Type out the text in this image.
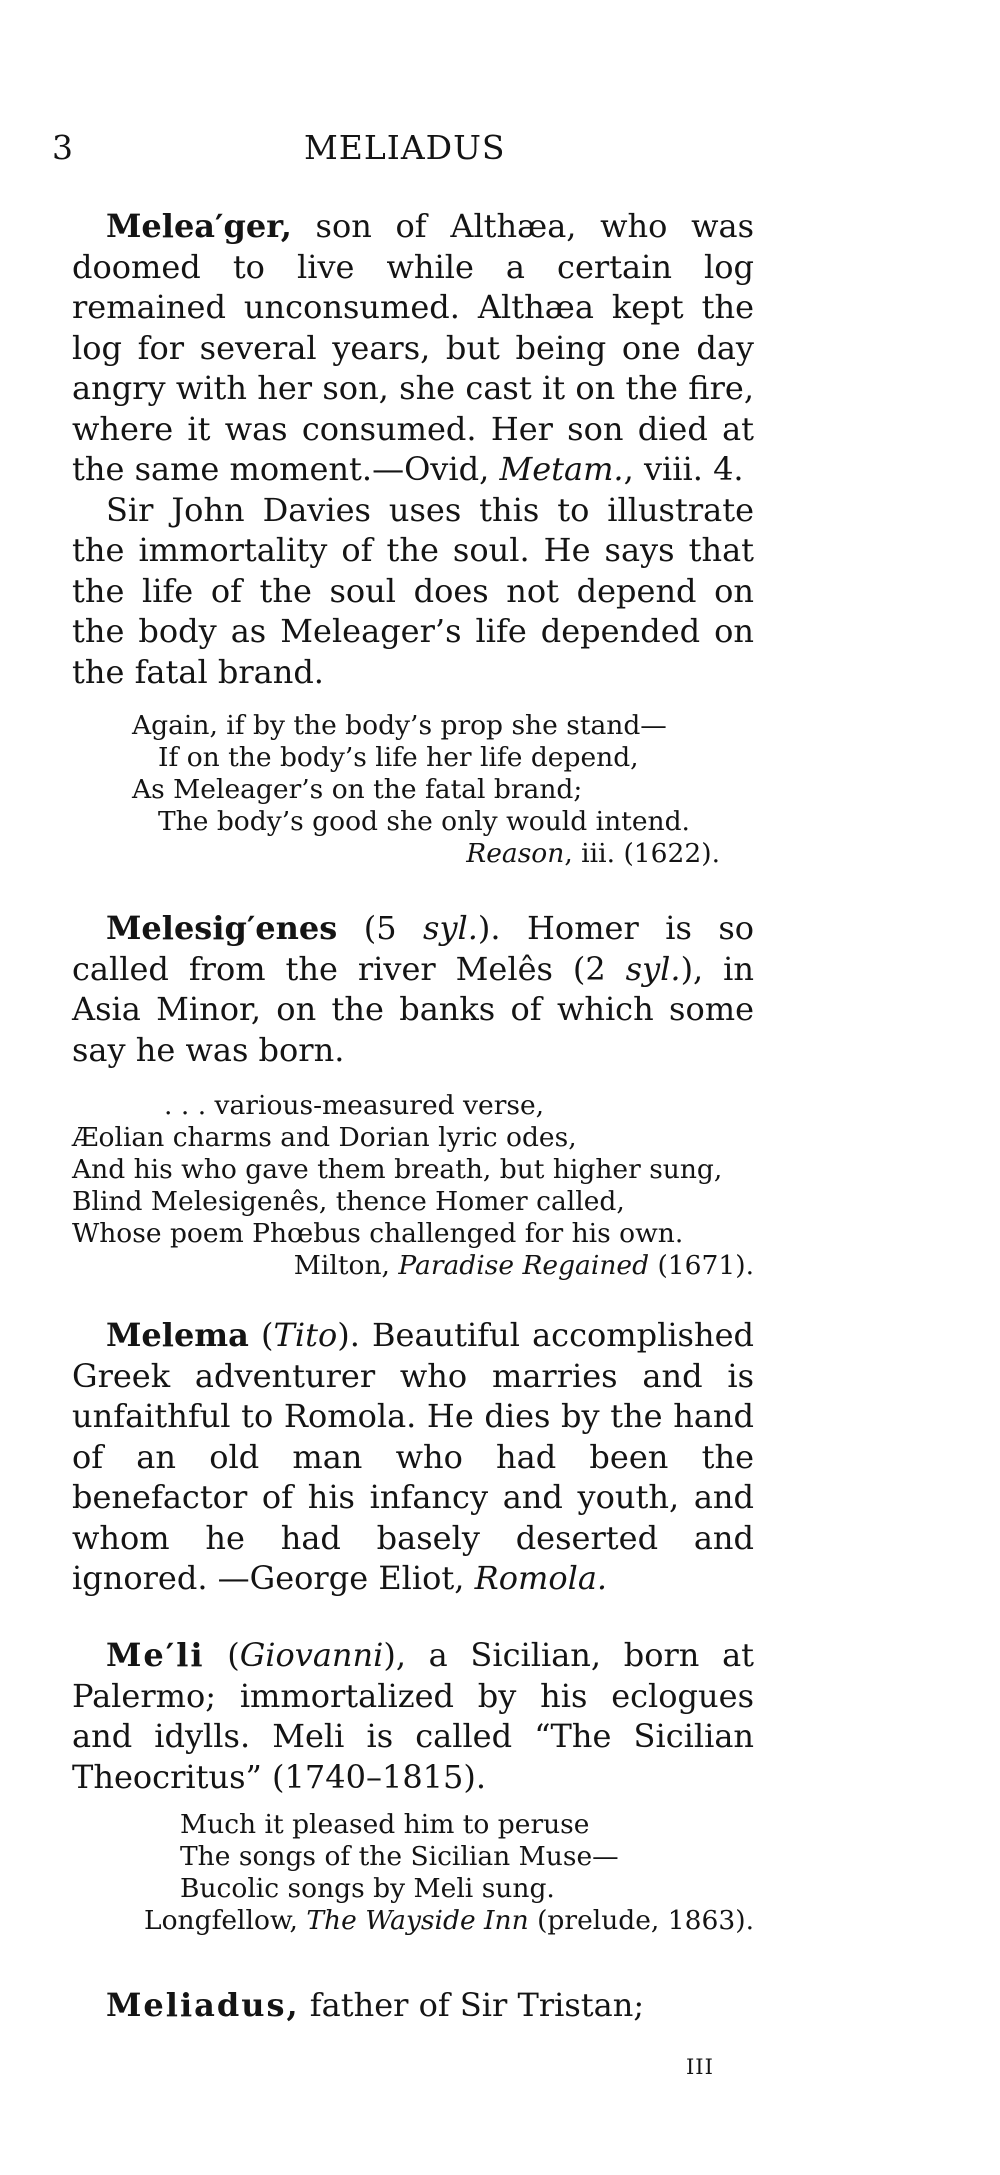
3	MELIADUS

Melea′ger, son of Althæa, who was doomed to live while a certain log remained unconsumed. Althæa kept the log for several years, but being one day angry with her son, she cast it on the fire, where it was consumed. Her son died at the same moment.—Ovid, Metam., viii. 4.

Sir John Davies uses this to illustrate the immortality of the soul. He says that the life of the soul does not depend on the body as Meleager’s life depended on the fatal brand.

Again, if by the body’s prop she stand—
If on the body’s life her life depend,
As Meleager’s on the fatal brand;
The body’s good she only would intend.
Reason, iii. (1622).

Melesig′enes (5 syl.). Homer is so called from the river Melês (2 syl.), in Asia Minor, on the banks of which some say he was born.

. . . various-measured verse,
Æolian charms and Dorian lyric odes,
And his who gave them breath, but higher sung,
Blind Melesigenês, thence Homer called,
Whose poem Phœbus challenged for his own.
Milton, Paradise Regained (1671).

Melema (Tito). Beautiful accomplished Greek adventurer who marries and is unfaithful to Romola. He dies by the hand of an old man who had been the benefactor of his infancy and youth, and whom he had basely deserted and ignored. —George Eliot, Romola.

Me′li (Giovanni), a Sicilian, born at Palermo; immortalized by his eclogues and idylls. Meli is called “The Sicilian Theocritus” (1740–1815).

Much it pleased him to peruse
The songs of the Sicilian Muse—
Bucolic songs by Meli sung.
Longfellow, The Wayside Inn (prelude, 1863).

Meliadus, father of Sir Tristan;

III
